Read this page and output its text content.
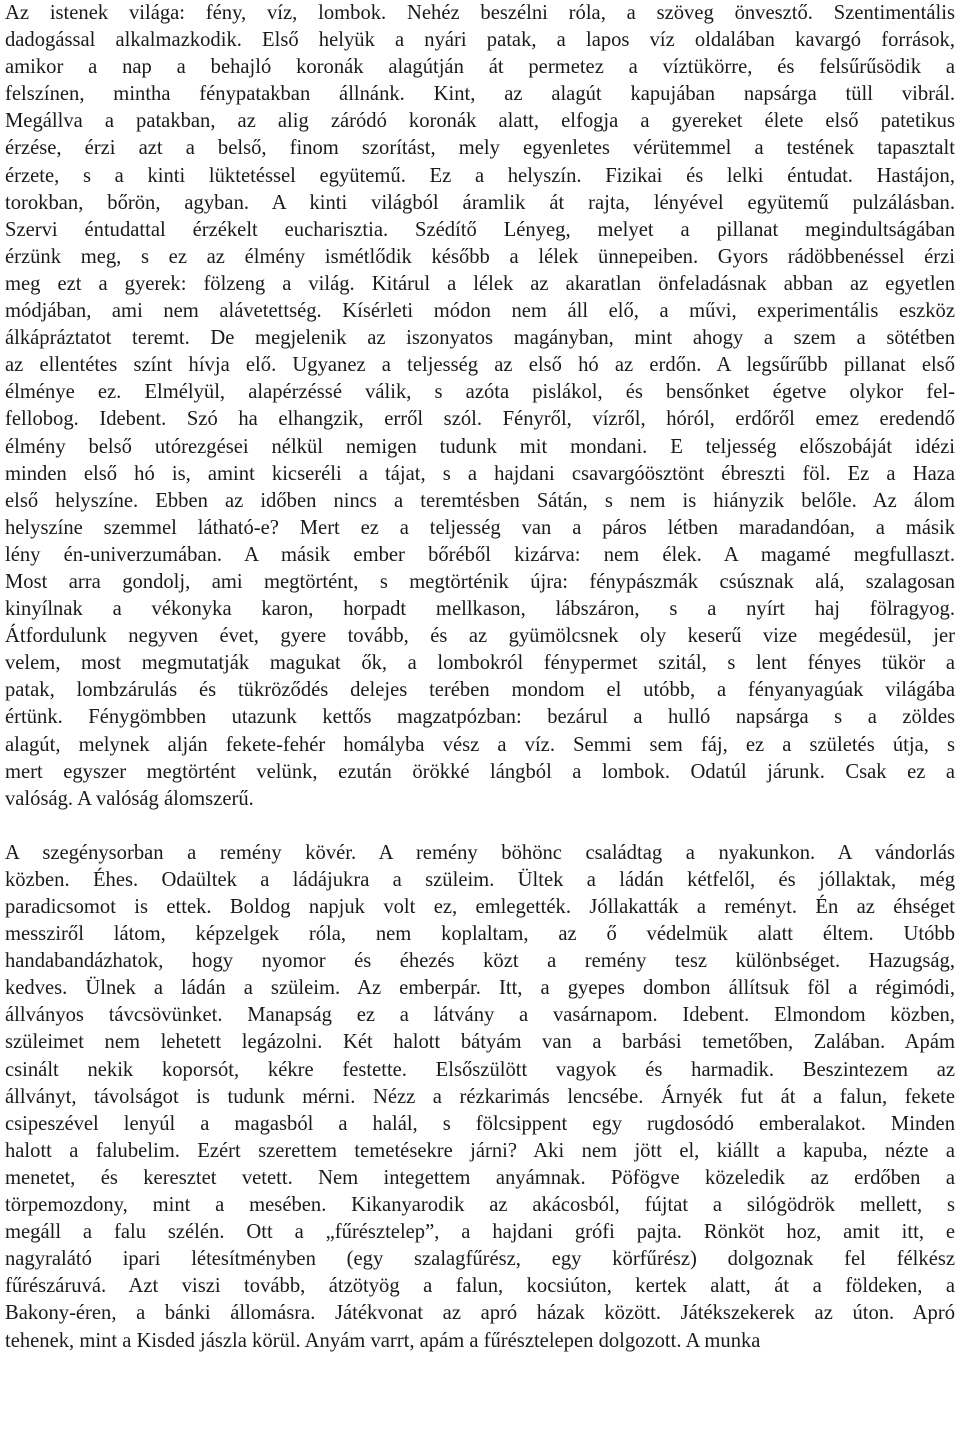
Az istenek világa: fény, víz, lombok. Nehéz beszélni róla, a szöveg önvesztő. Szentimentális
dadogással alkalmazkodik. Első helyük a nyári patak, a lapos víz oldalában kavargó források,
amikor a nap a behajló koronák alagútján át permetez a víztükörre, és felsűrűsödik a
felszínen, mintha fénypatakban állnánk. Kint, az alagút kapujában napsárga tüll vibrál.
Megállva a patakban, az alig záródó koronák alatt, elfogja a gyereket élete első patetikus
érzése, érzi azt a belső, finom szorítást, mely egyenletes vérütemmel a testének tapasztalt
érzete, s a kinti lüktetéssel együtemű. Ez a helyszín. Fizikai és lelki éntudat. Hastájon,
torokban, bőrön, agyban. A kinti világból áramlik át rajta, lényével együtemű pulzálásban.
Szervi éntudattal érzékelt eucharisztia. Szédítő Lényeg, melyet a pillanat megindultságában
érzünk meg, s ez az élmény ismétlődik később a lélek ünnepeiben. Gyors rádöbbenéssel érzi
meg ezt a gyerek: fölzeng a világ. Kitárul a lélek az akaratlan önfeladásnak abban az egyetlen
módjában, ami nem alávetettség. Kísérleti módon nem áll elő, a művi, experimentális eszköz
álkápráztatot teremt. De megjelenik az iszonyatos magányban, mint ahogy a szem a sötétben
az ellentétes színt hívja elő. Ugyanez a teljesség az első hó az erdőn. A legsűrűbb pillanat első
élménye ez. Elmélyül, alapérzéssé válik, s azóta pislákol, és bensőnket égetve olykor fel-
fellobog. Idebent. Szó ha elhangzik, erről szól. Fényről, vízről, hóról, erdőről emez eredendő
élmény belső utórezgései nélkül nemigen tudunk mit mondani. E teljesség előszobáját idézi
minden első hó is, amint kicseréli a tájat, s a hajdani csavargóösztönt ébreszti föl. Ez a Haza
első helyszíne. Ebben az időben nincs a teremtésben Sátán, s nem is hiányzik belőle. Az álom
helyszíne szemmel látható-e? Mert ez a teljesség van a páros létben maradandóan, a másik
lény én-univerzumában. A másik ember bőréből kizárva: nem élek. A magamé megfullaszt.
Most arra gondolj, ami megtörtént, s megtörténik újra: fénypászmák csúsznak alá, szalagosan
kinyílnak a vékonyka karon, horpadt mellkason, lábszáron, s a nyírt haj fölragyog.
Átfordulunk negyven évet, gyere tovább, és az gyümölcsnek oly keserű vize megédesül, jer
velem, most megmutatják magukat ők, a lombokról fénypermet szitál, s lent fényes tükör a
patak, lombzárulás és tükröződés delejes terében mondom el utóbb, a fényanyagúak világába
értünk. Fénygömbben utazunk kettős magzatpózban: bezárul a hulló napsárga s a zöldes
alagút, melynek alján fekete-fehér homályba vész a víz. Semmi sem fáj, ez a születés útja, s
mert egyszer megtörtént velünk, ezután örökké lángból a lombok. Odatúl járunk. Csak ez a
valóság. A valóság álomszerű.
A szegénysorban a remény kövér. A remény böhönc családtag a nyakunkon. A vándorlás
közben. Éhes. Odaültek a ládájukra a szüleim. Ültek a ládán kétfelől, és jóllaktak, még
paradicsomot is ettek. Boldog napjuk volt ez, emlegették. Jóllakatták a reményt. Én az éhséget
messziről látom, képzelgek róla, nem koplaltam, az ő védelmük alatt éltem. Utóbb
handabandázhatok, hogy nyomor és éhezés közt a remény tesz különbséget. Hazugság,
kedves. Ülnek a ládán a szüleim. Az emberpár. Itt, a gyepes dombon állítsuk föl a régimódi,
állványos távcsövünket. Manapság ez a látvány a vasárnapom. Idebent. Elmondom közben,
szüleimet nem lehetett legázolni. Két halott bátyám van a barbási temetőben, Zalában. Apám
csinált nekik koporsót, kékre festette. Elsőszülött vagyok és harmadik. Beszintezem az
állványt, távolságot is tudunk mérni. Nézz a rézkarimás lencsébe. Árnyék fut át a falun, fekete
csipeszével lenyúl a magasból a halál, s fölcsippent egy rugdosódó emberalakot. Minden
halott a falubelim. Ezért szerettem temetésekre járni? Aki nem jött el, kiállt a kapuba, nézte a
menetet, és keresztet vetett. Nem integettem anyámnak. Pöfögve közeledik az erdőben a
törpemozdony, mint a mesében. Kikanyarodik az akácosból, fújtat a silógödrök mellett, s
megáll a falu szélén. Ott a „fűrésztelep”, a hajdani grófi pajta. Rönköt hoz, amit itt, e
nagyralátó ipari létesítményben (egy szalagfűrész, egy körfűrész) dolgoznak fel félkész
fűrészáruvá. Azt viszi tovább, átzötyög a falun, kocsiúton, kertek alatt, át a földeken, a
Bakony-éren, a bánki állomásra. Játékvonat az apró házak között. Játékszekerek az úton. Apró
tehenek, mint a Kisded jászla körül. Anyám varrt, apám a fűrésztelepen dolgozott. A munka
